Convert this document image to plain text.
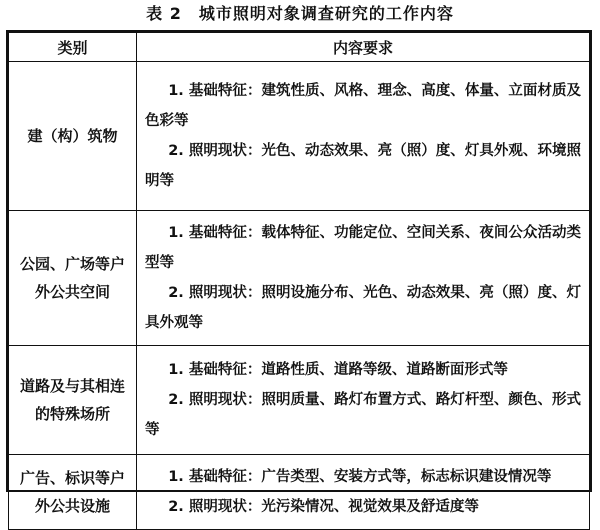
表 2　城市照明对象调查研究的工作内容
类别	内容要求
建（构）筑物	1. 基础特征：建筑性质、风格、理念、高度、体量、立面材质及色彩等
2. 照明现状：光色、动态效果、亮（照）度、灯具外观、环境照明等

公园、广场等户外公共空间	1. 基础特征：载体特征、功能定位、空间关系、夜间公众活动类型等
2. 照明现状：照明设施分布、光色、动态效果、亮（照）度、灯具外观等

道路及与其相连的特殊场所	1. 基础特征：道路性质、道路等级、道路断面形式等
2. 照明现状：照明质量、路灯布置方式、路灯杆型、颜色、形式等

广告、标识等户外公共设施	1. 基础特征：广告类型、安装方式等，标志标识建设情况等
2. 照明现状：光污染情况、视觉效果及舒适度等
